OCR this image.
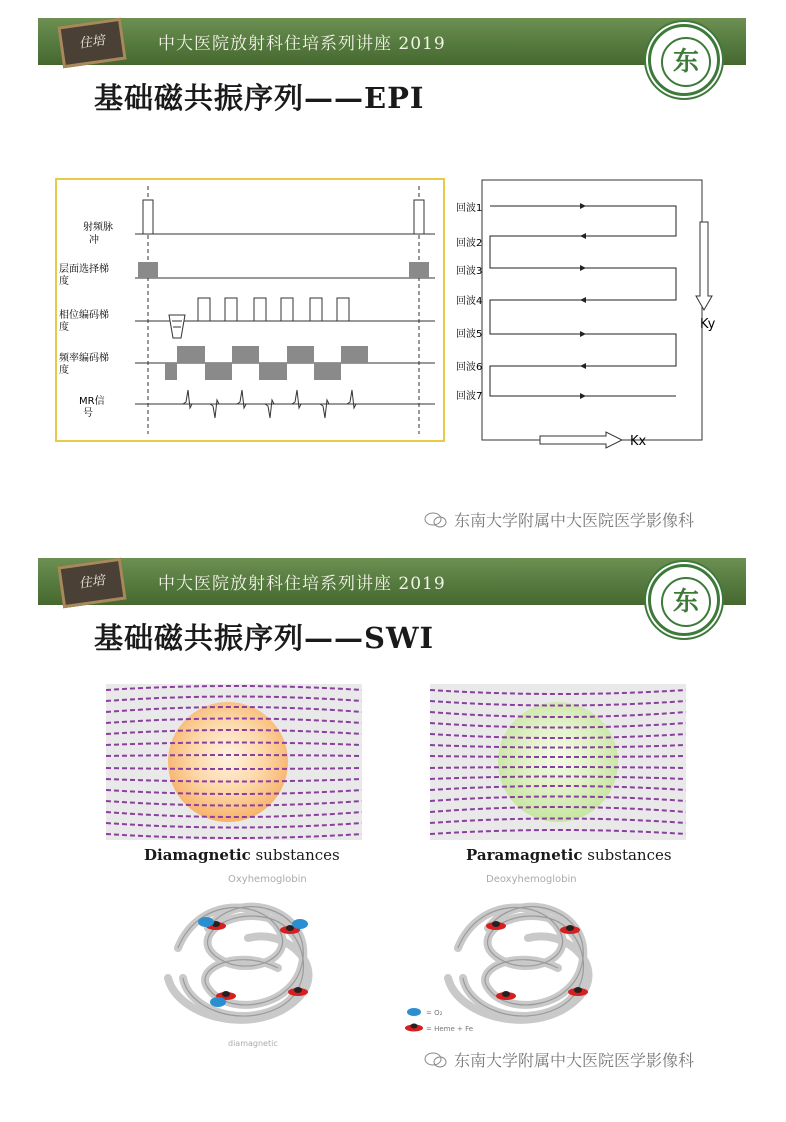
住培	中大医院放射科住培系列讲座 2019
东
基础磁共振序列——EPI
射频脉
冲
层面选择梯
度
相位编码梯
度
频率编码梯
度
MR信
号
回波1
回波2
回波3
回波4
回波5
回波6
回波7
Ky
Kx
东南大学附属中大医院医学影像科
住培	中大医院放射科住培系列讲座 2019
东
基础磁共振序列——SWI
Diamagnetic substances	Paramagnetic substances
Oxyhemoglobin	Deoxyhemoglobin
diamagnetic
= O₂
= Heme + Fe
东南大学附属中大医院医学影像科
